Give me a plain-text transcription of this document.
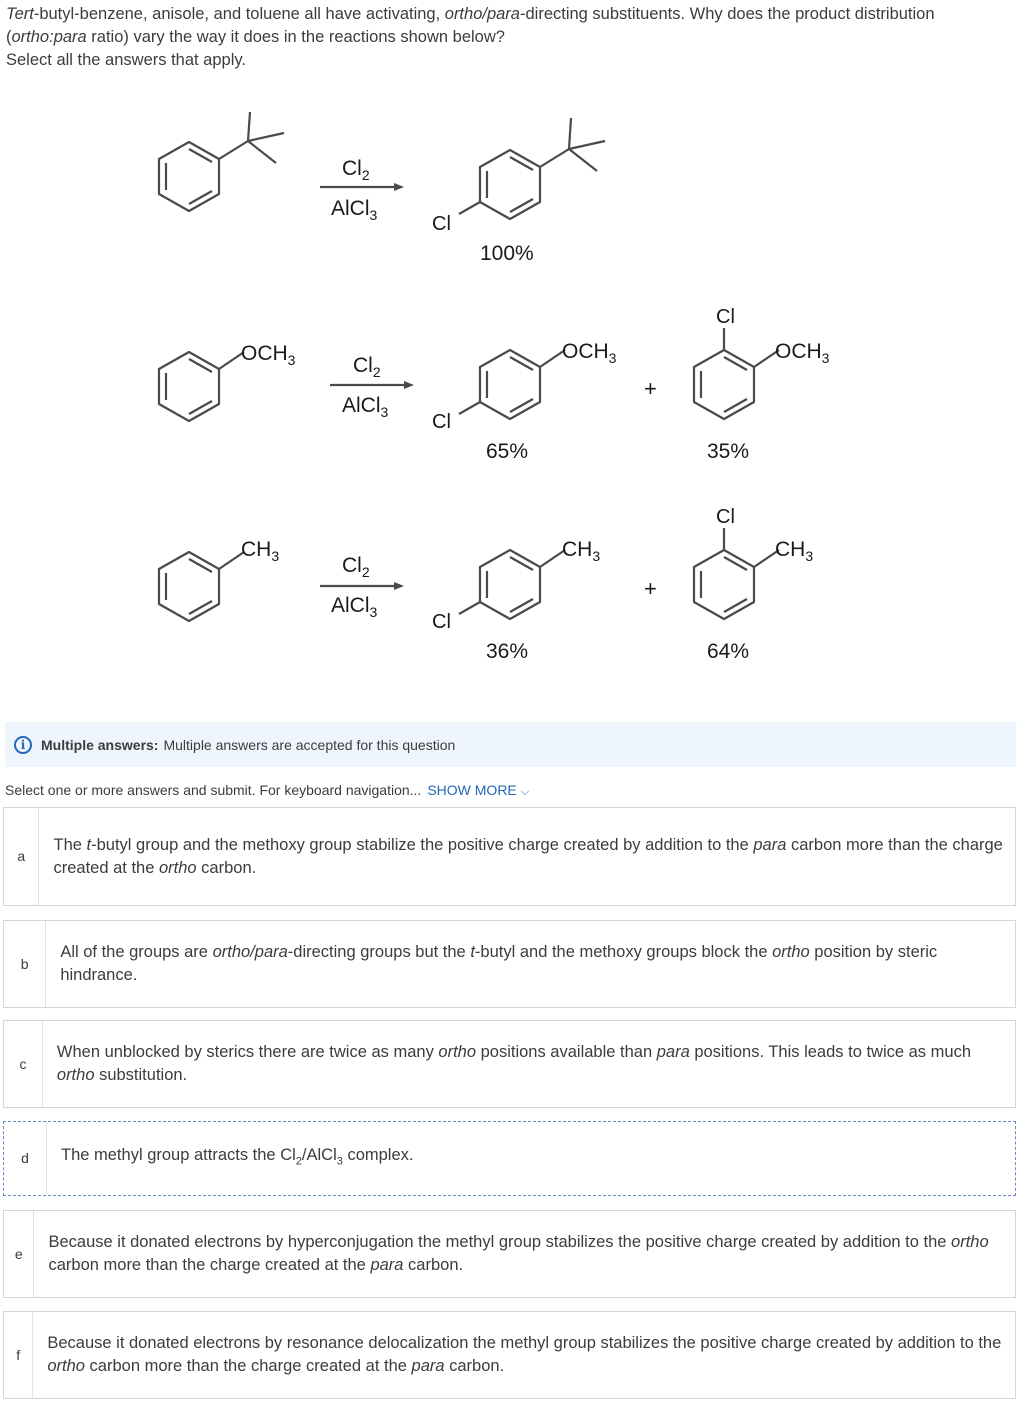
Tert-butyl-benzene, anisole, and toluene all have activating, ortho/para-directing substituents. Why does the product distribution
(ortho:para ratio) vary the way it does in the reactions shown below?
Select all the answers that apply.
$Cl_2$
AlCl$_3$	Cl
100%
$OCH_3$	$Cl_2$
AlCl$_3$ Cl
$OCH_3$
+
Cl
$OCH_3$
65%	35%
$CH_3$	$Cl_2$
AlCl$_3$	Cl
$CH_3$
+
Cl
$CH_3$
36%	64%
i	Multiple answers: Multiple answers are accepted for this question
Select one or more answers and submit. For keyboard navigation... SHOW MORE ⌵
a
The t-butyl group and the methoxy group stabilize the positive charge created by addition to the para carbon more than the charge created at the ortho carbon.
b
All of the groups are ortho/para-directing groups but the t-butyl and the methoxy groups block the ortho position by steric hindrance.
c
When unblocked by sterics there are twice as many ortho positions available than para positions. This leads to twice as much ortho substitution.
d	The methyl group attracts the $Cl_2/AlCl_3$ complex.
e
Because it donated electrons by hyperconjugation the methyl group stabilizes the positive charge created by addition to the ortho carbon more than the charge created at the para carbon.
f
Because it donated electrons by resonance delocalization the methyl group stabilizes the positive charge created by addition to the ortho carbon more than the charge created at the para carbon.
